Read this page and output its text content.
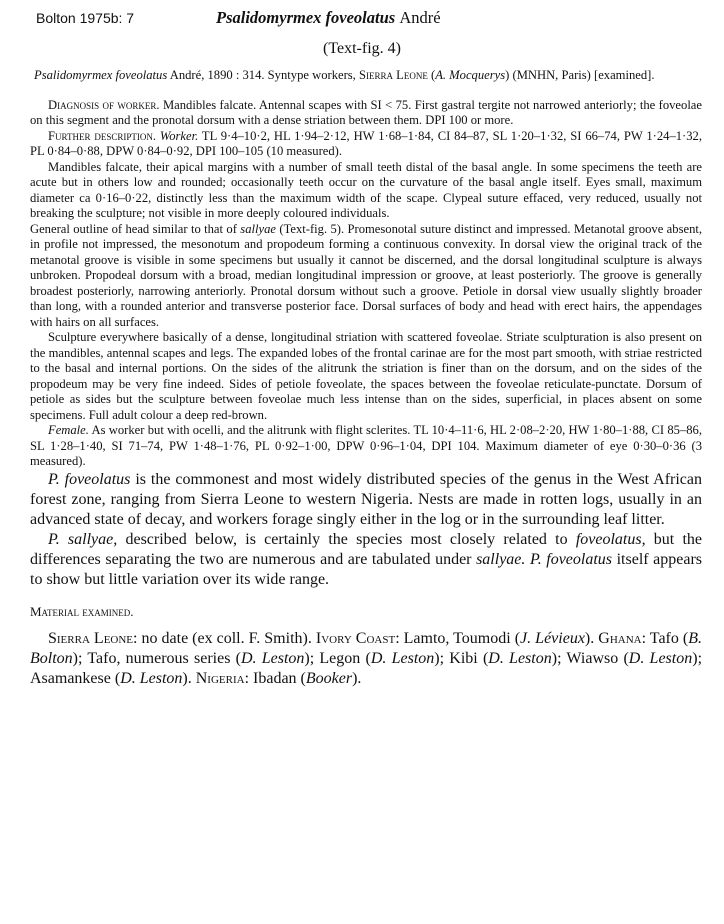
Bolton 1975b: 7	Psalidomyrmex foveolatus André
(Text-fig. 4)

Psalidomyrmex foveolatus André, 1890 : 314. Syntype workers, Sierra Leone (A. Mocquerys) (MNHN, Paris) [examined].

Diagnosis of worker. Mandibles falcate. Antennal scapes with SI < 75. First gastral tergite not narrowed anteriorly; the foveolae on this segment and the pronotal dorsum with a dense striation between them. DPI 100 or more.

Further description. Worker. TL 9·4–10·2, HL 1·94–2·12, HW 1·68–1·84, CI 84–87, SL 1·20–1·32, SI 66–74, PW 1·24–1·32, PL 0·84–0·88, DPW 0·84–0·92, DPI 100–105 (10 measured).

Mandibles falcate, their apical margins with a number of small teeth distal of the basal angle. In some specimens the teeth are acute but in others low and rounded; occasionally teeth occur on the curvature of the basal angle itself. Eyes small, maximum diameter ca 0·16–0·22, distinctly less than the maximum width of the scape. Clypeal suture effaced, very reduced, usually not breaking the sculpture; not visible in more deeply coloured individuals.

General outline of head similar to that of sallyae (Text-fig. 5). Promesonotal suture distinct and impressed. Metanotal groove absent, in profile not impressed, the mesonotum and propodeum forming a continuous convexity. In dorsal view the original track of the metanotal groove is visible in some specimens but usually it cannot be discerned, and the dorsal longitudinal sculpture is always unbroken. Propodeal dorsum with a broad, median longitudinal impression or groove, at least posteriorly. The groove is generally broadest posteriorly, narrowing anteriorly. Pronotal dorsum without such a groove. Petiole in dorsal view usually slightly broader than long, with a rounded anterior and transverse posterior face. Dorsal surfaces of body and head with erect hairs, the appendages with hairs on all surfaces.

Sculpture everywhere basically of a dense, longitudinal striation with scattered foveolae. Striate sculpturation is also present on the mandibles, antennal scapes and legs. The expanded lobes of the frontal carinae are for the most part smooth, with striae restricted to the basal and internal portions. On the sides of the alitrunk the striation is finer than on the dorsum, and on the sides of the propodeum may be very fine indeed. Sides of petiole foveolate, the spaces between the foveolae reticulate-punctate. Dorsum of petiole as sides but the sculpture between foveolae much less intense than on the sides, superficial, in places absent on some specimens. Full adult colour a deep red-brown.

Female. As worker but with ocelli, and the alitrunk with flight sclerites. TL 10·4–11·6, HL 2·08–2·20, HW 1·80–1·88, CI 85–86, SL 1·28–1·40, SI 71–74, PW 1·48–1·76, PL 0·92–1·00, DPW 0·96–1·04, DPI 104. Maximum diameter of eye 0·30–0·36 (3 measured).

P. foveolatus is the commonest and most widely distributed species of the genus in the West African forest zone, ranging from Sierra Leone to western Nigeria. Nests are made in rotten logs, usually in an advanced state of decay, and workers forage singly either in the log or in the surrounding leaf litter.

P. sallyae, described below, is certainly the species most closely related to foveolatus, but the differences separating the two are numerous and are tabulated under sallyae. P. foveolatus itself appears to show but little variation over its wide range.

Material examined.

Sierra Leone: no date (ex coll. F. Smith). Ivory Coast: Lamto, Toumodi (J. Lévieux). Ghana: Tafo (B. Bolton); Tafo, numerous series (D. Leston); Legon (D. Leston); Kibi (D. Leston); Wiawso (D. Leston); Asamankese (D. Leston). Nigeria: Ibadan (Booker).
